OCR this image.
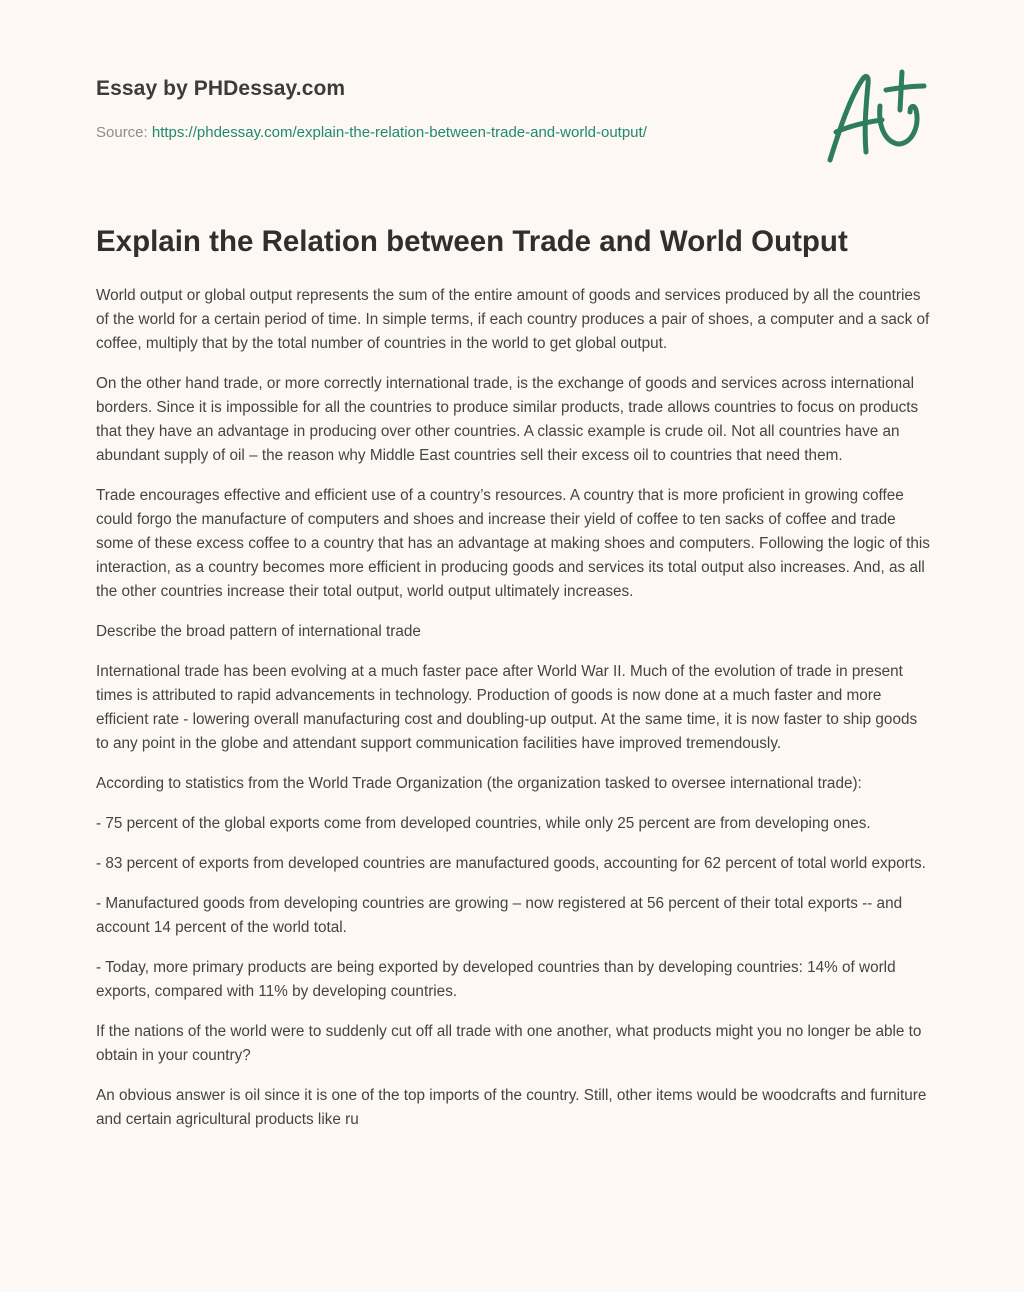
Essay by PHDessay.com
Source: https://phdessay.com/explain-the-relation-between-trade-and-world-output/
Explain the Relation between Trade and World Output

World output or global output represents the sum of the entire amount of goods and services produced by all the countries of the world for a certain period of time. In simple terms, if each country produces a pair of shoes, a computer and a sack of coffee, multiply that by the total number of countries in the world to get global output.

On the other hand trade, or more correctly international trade, is the exchange of goods and services across international borders. Since it is impossible for all the countries to produce similar products, trade allows countries to focus on products that they have an advantage in producing over other countries. A classic example is crude oil. Not all countries have an abundant supply of oil – the reason why Middle East countries sell their excess oil to countries that need them.

Trade encourages effective and efficient use of a country’s resources. A country that is more proficient in growing coffee could forgo the manufacture of computers and shoes and increase their yield of coffee to ten sacks of coffee and trade some of these excess coffee to a country that has an advantage at making shoes and computers. Following the logic of this interaction, as a country becomes more efficient in producing goods and services its total output also increases. And, as all the other countries increase their total output, world output ultimately increases.

Describe the broad pattern of international trade

International trade has been evolving at a much faster pace after World War II. Much of the evolution of trade in present times is attributed to rapid advancements in technology. Production of goods is now done at a much faster and more efficient rate - lowering overall manufacturing cost and doubling-up output. At the same time, it is now faster to ship goods to any point in the globe and attendant support communication facilities have improved tremendously.

According to statistics from the World Trade Organization (the organization tasked to oversee international trade):

- 75 percent of the global exports come from developed countries, while only 25 percent are from developing ones.

- 83 percent of exports from developed countries are manufactured goods, accounting for 62 percent of total world exports.

- Manufactured goods from developing countries are growing – now registered at 56 percent of their total exports -- and account 14 percent of the world total.

- Today, more primary products are being exported by developed countries than by developing countries: 14% of world exports, compared with 11% by developing countries.

If the nations of the world were to suddenly cut off all trade with one another, what products might you no longer be able to obtain in your country?

An obvious answer is oil since it is one of the top imports of the country. Still, other items would be woodcrafts and furniture and certain agricultural products like ru
